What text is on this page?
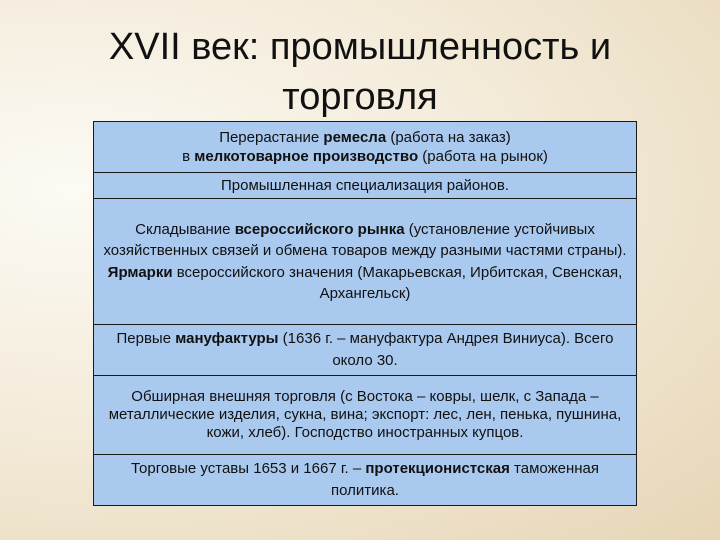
XVII век: промышленность и
торговля
Перерастание ремесла (работа на заказ)
в мелкотоварное производство (работа на рынок)
Промышленная специализация районов.
Складывание всероссийского рынка (установление устойчивых хозяйственных связей и обмена товаров между разными частями страны).
Ярмарки всероссийского значения (Макарьевская, Ирбитская, Свенская, Архангельск)
Первые мануфактуры (1636 г. – мануфактура Андрея Виниуса). Всего около 30.
Обширная внешняя торговля (с Востока – ковры, шелк, с Запада – металлические изделия, сукна, вина; экспорт: лес, лен, пенька, пушнина, кожи, хлеб). Господство иностранных купцов.
Торговые уставы 1653 и 1667 г. – протекционистская таможенная политика.
